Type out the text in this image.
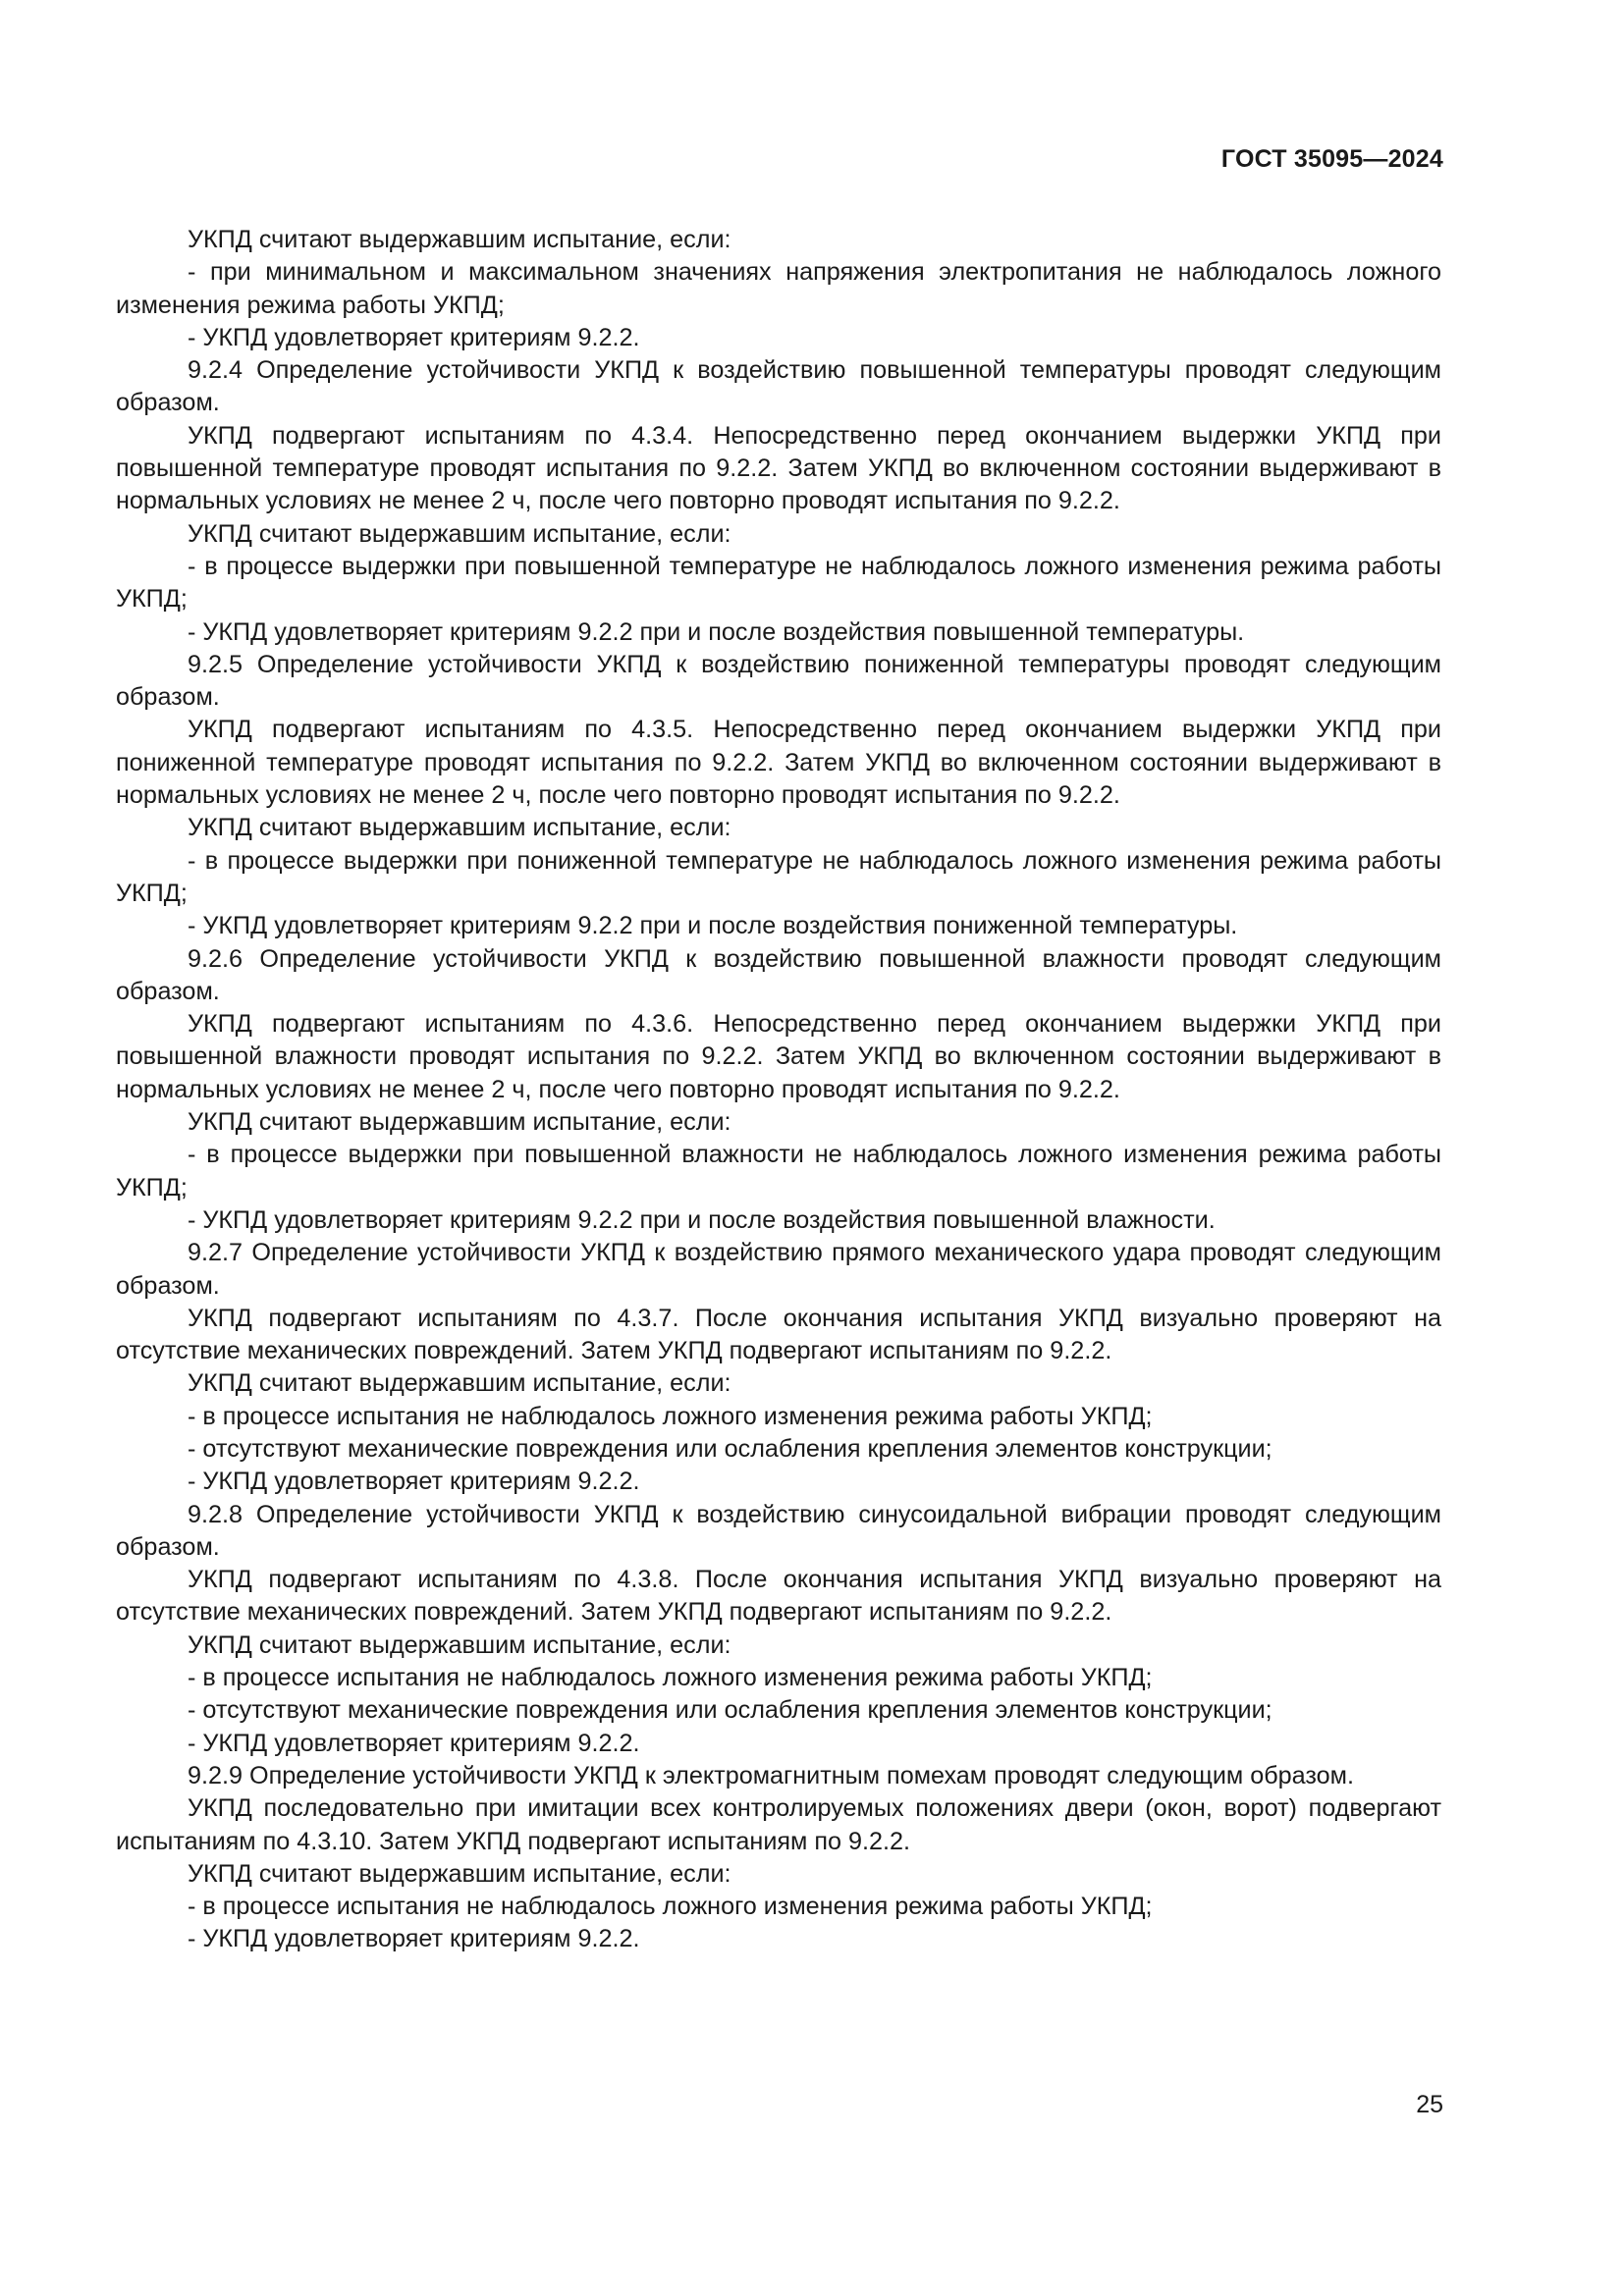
ГОСТ 35095—2024

УКПД считают выдержавшим испытание, если:

- при минимальном и максимальном значениях напряжения электропитания не наблюдалось ложного изменения режима работы УКПД;

- УКПД удовлетворяет критериям 9.2.2.

9.2.4 Определение устойчивости УКПД к воздействию повышенной температуры проводят следующим образом.

УКПД подвергают испытаниям по 4.3.4. Непосредственно перед окончанием выдержки УКПД при повышенной температуре проводят испытания по 9.2.2. Затем УКПД во включенном состоянии выдерживают в нормальных условиях не менее 2 ч, после чего повторно проводят испытания по 9.2.2.

УКПД считают выдержавшим испытание, если:

- в процессе выдержки при повышенной температуре не наблюдалось ложного изменения режима работы УКПД;

- УКПД удовлетворяет критериям 9.2.2 при и после воздействия повышенной температуры.

9.2.5 Определение устойчивости УКПД к воздействию пониженной температуры проводят следующим образом.

УКПД подвергают испытаниям по 4.3.5. Непосредственно перед окончанием выдержки УКПД при пониженной температуре проводят испытания по 9.2.2. Затем УКПД во включенном состоянии выдерживают в нормальных условиях не менее 2 ч, после чего повторно проводят испытания по 9.2.2.

УКПД считают выдержавшим испытание, если:

- в процессе выдержки при пониженной температуре не наблюдалось ложного изменения режима работы УКПД;

- УКПД удовлетворяет критериям 9.2.2 при и после воздействия пониженной температуры.

9.2.6 Определение устойчивости УКПД к воздействию повышенной влажности проводят следующим образом.

УКПД подвергают испытаниям по 4.3.6. Непосредственно перед окончанием выдержки УКПД при повышенной влажности проводят испытания по 9.2.2. Затем УКПД во включенном состоянии выдерживают в нормальных условиях не менее 2 ч, после чего повторно проводят испытания по 9.2.2.

УКПД считают выдержавшим испытание, если:

- в процессе выдержки при повышенной влажности не наблюдалось ложного изменения режима работы УКПД;

- УКПД удовлетворяет критериям 9.2.2 при и после воздействия повышенной влажности.

9.2.7 Определение устойчивости УКПД к воздействию прямого механического удара проводят следующим образом.

УКПД подвергают испытаниям по 4.3.7. После окончания испытания УКПД визуально проверяют на отсутствие механических повреждений. Затем УКПД подвергают испытаниям по 9.2.2.

УКПД считают выдержавшим испытание, если:

- в процессе испытания не наблюдалось ложного изменения режима работы УКПД;

- отсутствуют механические повреждения или ослабления крепления элементов конструкции;

- УКПД удовлетворяет критериям 9.2.2.

9.2.8 Определение устойчивости УКПД к воздействию синусоидальной вибрации проводят следующим образом.

УКПД подвергают испытаниям по 4.3.8. После окончания испытания УКПД визуально проверяют на отсутствие механических повреждений. Затем УКПД подвергают испытаниям по 9.2.2.

УКПД считают выдержавшим испытание, если:

- в процессе испытания не наблюдалось ложного изменения режима работы УКПД;

- отсутствуют механические повреждения или ослабления крепления элементов конструкции;

- УКПД удовлетворяет критериям 9.2.2.

9.2.9 Определение устойчивости УКПД к электромагнитным помехам проводят следующим образом.

УКПД последовательно при имитации всех контролируемых положениях двери (окон, ворот) подвергают испытаниям по 4.3.10. Затем УКПД подвергают испытаниям по 9.2.2.

УКПД считают выдержавшим испытание, если:

- в процессе испытания не наблюдалось ложного изменения режима работы УКПД;

- УКПД удовлетворяет критериям 9.2.2.

25
